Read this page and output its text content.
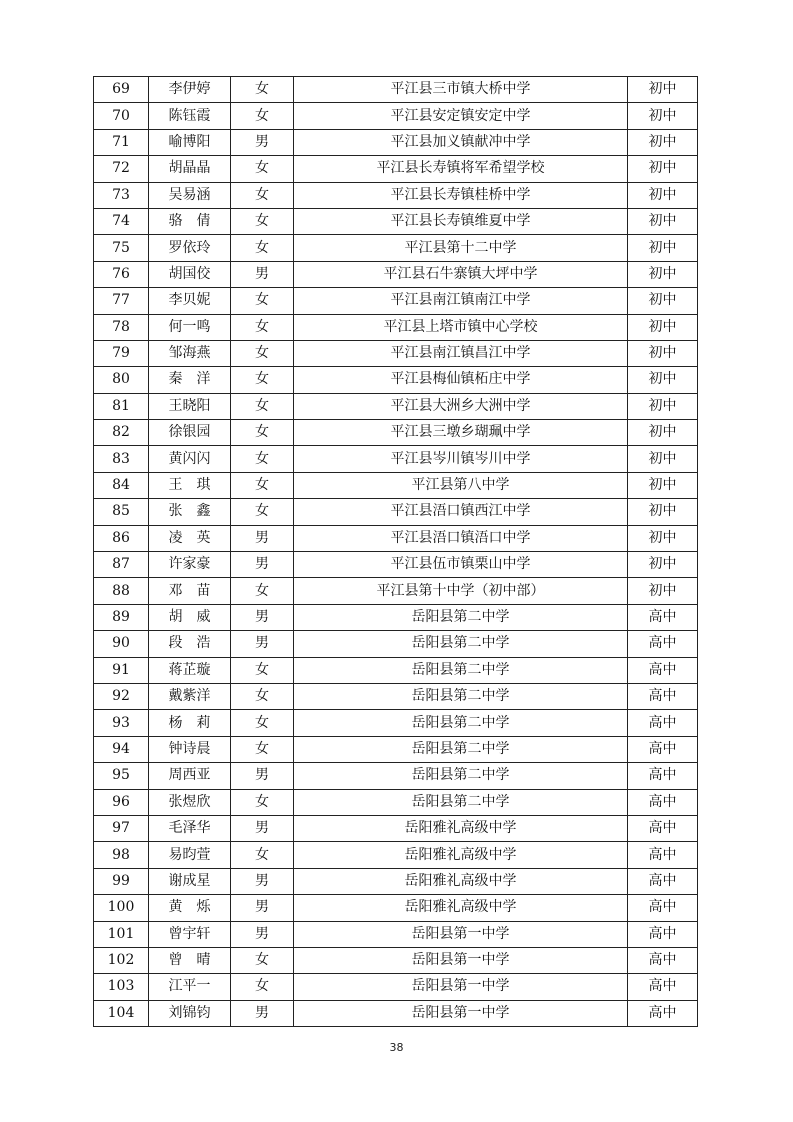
69	李伊婷	女	平江县三市镇大桥中学	初中
70	陈钰霞	女	平江县安定镇安定中学	初中
71	喻博阳	男	平江县加义镇献冲中学	初中
72	胡晶晶	女	平江县长寿镇将军希望学校	初中
73	吴易涵	女	平江县长寿镇桂桥中学	初中
74	骆　倩	女	平江县长寿镇维夏中学	初中
75	罗依玲	女	平江县第十二中学	初中
76	胡国佼	男	平江县石牛寨镇大坪中学	初中
77	李贝妮	女	平江县南江镇南江中学	初中
78	何一鸣	女	平江县上塔市镇中心学校	初中
79	邹海燕	女	平江县南江镇昌江中学	初中
80	秦　洋	女	平江县梅仙镇柘庄中学	初中
81	王晓阳	女	平江县大洲乡大洲中学	初中
82	徐银园	女	平江县三墩乡瑚珮中学	初中
83	黄闪闪	女	平江县岑川镇岑川中学	初中
84	王　琪	女	平江县第八中学	初中
85	张　鑫	女	平江县浯口镇西江中学	初中
86	凌　英	男	平江县浯口镇浯口中学	初中
87	许家豪	男	平江县伍市镇栗山中学	初中
88	邓　苗	女	平江县第十中学（初中部）	初中
89	胡　威	男	岳阳县第二中学	高中
90	段　浩	男	岳阳县第二中学	高中
91	蒋芷璇	女	岳阳县第二中学	高中
92	戴紫洋	女	岳阳县第二中学	高中
93	杨　莉	女	岳阳县第二中学	高中
94	钟诗晨	女	岳阳县第二中学	高中
95	周西亚	男	岳阳县第二中学	高中
96	张煜欣	女	岳阳县第二中学	高中
97	毛泽华	男	岳阳雅礼高级中学	高中
98	易昀萱	女	岳阳雅礼高级中学	高中
99	谢成星	男	岳阳雅礼高级中学	高中
100	黄　烁	男	岳阳雅礼高级中学	高中
101	曾宇轩	男	岳阳县第一中学	高中
102	曾　晴	女	岳阳县第一中学	高中
103	江平一	女	岳阳县第一中学	高中
104	刘锦钧	男	岳阳县第一中学	高中
38
